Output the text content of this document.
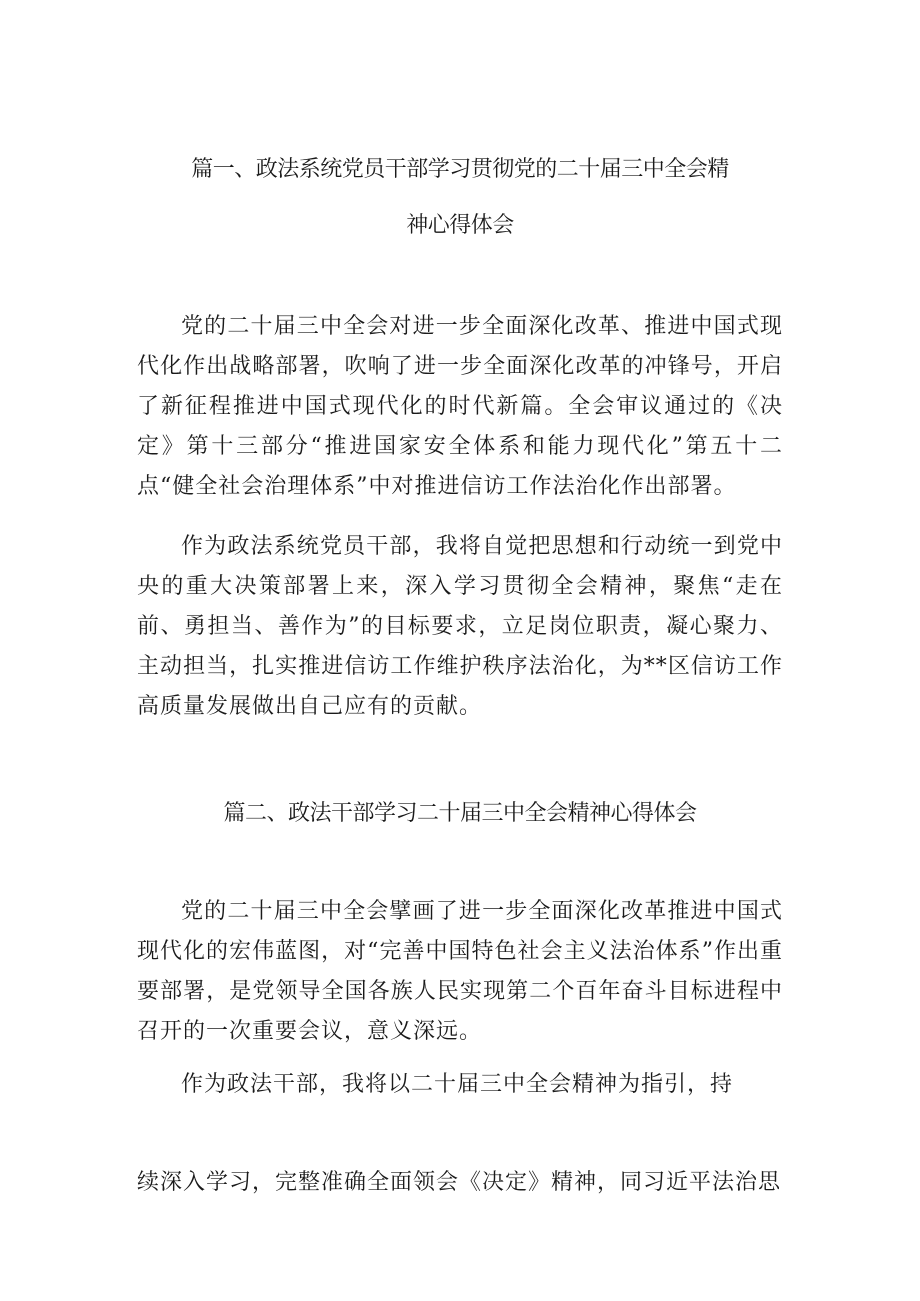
篇一、政法系统党员干部学习贯彻党的二十届三中全会精
神心得体会

党的二十届三中全会对进一步全面深化改革、推进中国式现代化作出战略部署，吹响了进一步全面深化改革的冲锋号，开启了新征程推进中国式现代化的时代新篇。全会审议通过的《决定》第十三部分“推进国家安全体系和能力现代化”第五十二点“健全社会治理体系”中对推进信访工作法治化作出部署。

作为政法系统党员干部，我将自觉把思想和行动统一到党中央的重大决策部署上来，深入学习贯彻全会精神，聚焦“走在前、勇担当、善作为”的目标要求，立足岗位职责，凝心聚力、主动担当，扎实推进信访工作维护秩序法治化，为**区信访工作高质量发展做出自己应有的贡献。

篇二、政法干部学习二十届三中全会精神心得体会

党的二十届三中全会擘画了进一步全面深化改革推进中国式现代化的宏伟蓝图，对“完善中国特色社会主义法治体系”作出重要部署，是党领导全国各族人民实现第二个百年奋斗目标进程中召开的一次重要会议，意义深远。

作为政法干部，我将以二十届三中全会精神为指引，持

续深入学习，完整准确全面领会《决定》精神，同习近平法治思
